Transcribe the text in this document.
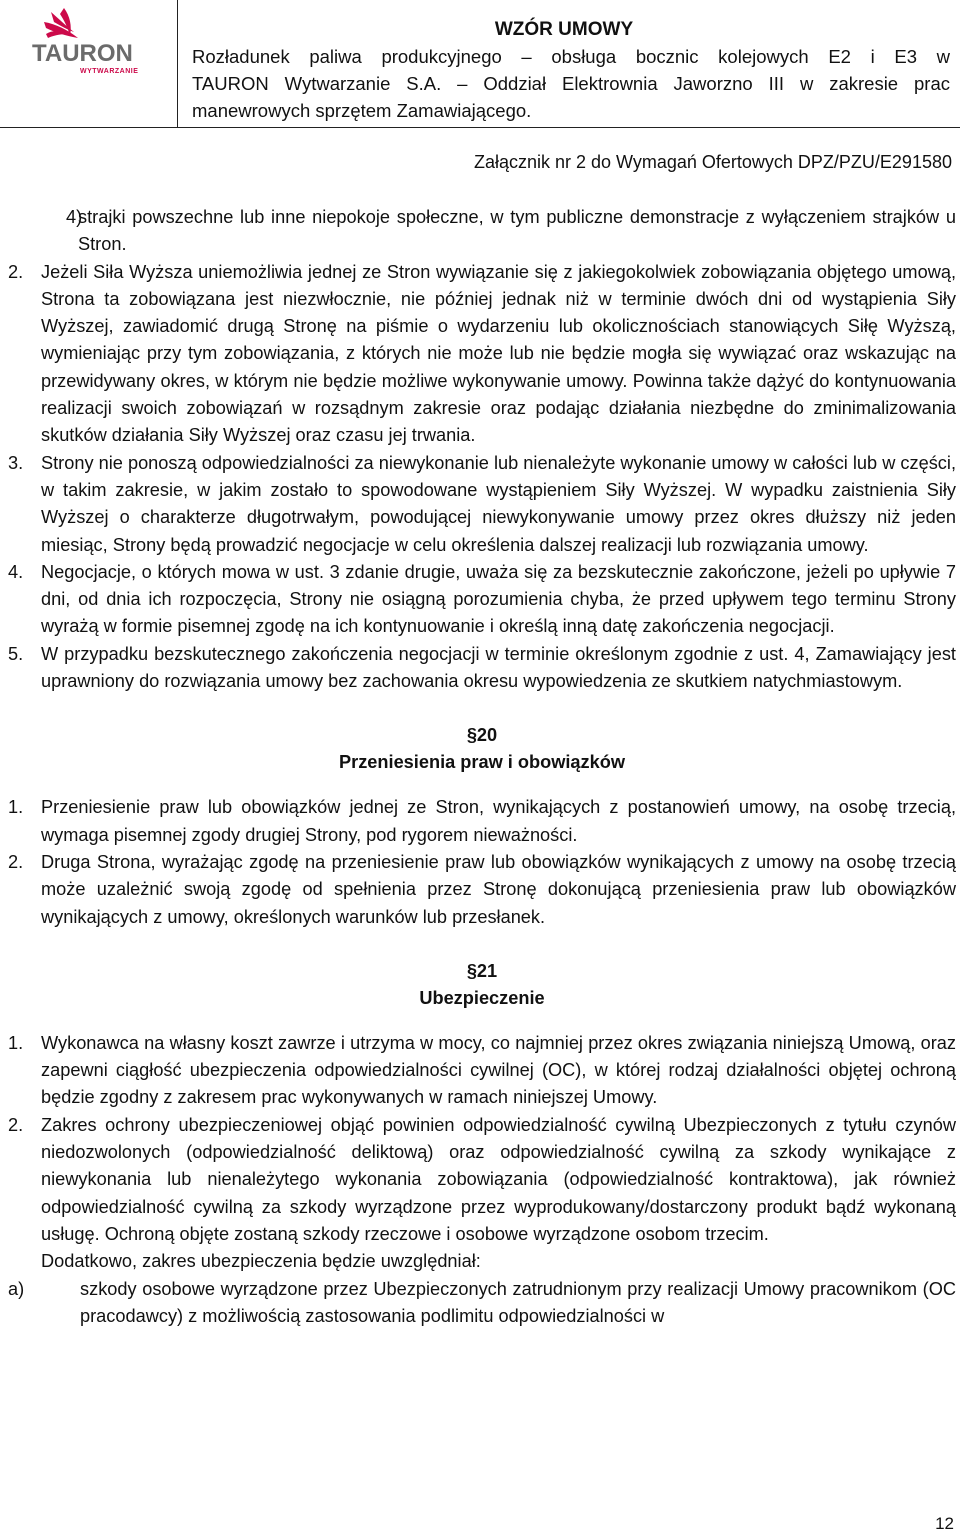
TAURON
WYTWARZANIE
WZÓR UMOWY
Rozładunek paliwa produkcyjnego – obsługa bocznic kolejowych E2 i E3 w
TAURON Wytwarzanie S.A. – Oddział Elektrownia Jaworzno III w zakresie prac
manewrowych sprzętem Zamawiającego.
Załącznik nr 2 do Wymagań Ofertowych DPZ/PZU/E291580
4)
strajki powszechne lub inne niepokoje społeczne, w tym publiczne demonstracje z wyłączeniem strajków u Stron.
2. Jeżeli Siła Wyższa uniemożliwia jednej ze Stron wywiązanie się z jakiegokolwiek zobowiązania objętego umową, Strona ta zobowiązana jest niezwłocznie, nie później jednak niż w terminie dwóch dni od wystąpienia Siły Wyższej, zawiadomić drugą Stronę na piśmie o wydarzeniu lub okolicznościach stanowiących Siłę Wyższą, wymieniając przy tym zobowiązania, z których nie może lub nie będzie mogła się wywiązać oraz wskazując na przewidywany okres, w którym nie będzie możliwe wykonywanie umowy. Powinna także dążyć do kontynuowania realizacji swoich zobowiązań w rozsądnym zakresie oraz podając działania niezbędne do zminimalizowania skutków działania Siły Wyższej oraz czasu jej trwania.
3. Strony nie ponoszą odpowiedzialności za niewykonanie lub nienależyte wykonanie umowy w całości lub w części, w takim zakresie, w jakim zostało to spowodowane wystąpieniem Siły Wyższej. W wypadku zaistnienia Siły Wyższej o charakterze długotrwałym, powodującej niewykonywanie umowy przez okres dłuższy niż jeden miesiąc, Strony będą prowadzić negocjacje w celu określenia dalszej realizacji lub rozwiązania umowy.
4. Negocjacje, o których mowa w ust. 3 zdanie drugie, uważa się za bezskutecznie zakończone, jeżeli po upływie 7 dni, od dnia ich rozpoczęcia, Strony nie osiągną porozumienia chyba, że przed upływem tego terminu Strony wyrażą w formie pisemnej zgodę na ich kontynuowanie i określą inną datę zakończenia negocjacji.
5. W przypadku bezskutecznego zakończenia negocjacji w terminie określonym zgodnie z ust. 4, Zamawiający jest uprawniony do rozwiązania umowy bez zachowania okresu wypowiedzenia ze skutkiem natychmiastowym.
§20
Przeniesienia praw i obowiązków
1. Przeniesienie praw lub obowiązków jednej ze Stron, wynikających z postanowień umowy, na osobę trzecią, wymaga pisemnej zgody drugiej Strony, pod rygorem nieważności.
2. Druga Strona, wyrażając zgodę na przeniesienie praw lub obowiązków wynikających z umowy na osobę trzecią może uzależnić swoją zgodę od spełnienia przez Stronę dokonującą przeniesienia praw lub obowiązków wynikających z umowy, określonych warunków lub przesłanek.
§21
Ubezpieczenie
1. Wykonawca na własny koszt zawrze i utrzyma w mocy, co najmniej przez okres związania niniejszą Umową, oraz zapewni ciągłość ubezpieczenia odpowiedzialności cywilnej (OC), w której rodzaj działalności objętej ochroną będzie zgodny z zakresem prac wykonywanych w ramach niniejszej Umowy.
2. Zakres ochrony ubezpieczeniowej objąć powinien odpowiedzialność cywilną Ubezpieczonych z tytułu czynów niedozwolonych (odpowiedzialność deliktową) oraz odpowiedzialność cywilną za szkody wynikające z niewykonania lub nienależytego wykonania zobowiązania (odpowiedzialność kontraktowa), jak również odpowiedzialność cywilną za szkody wyrządzone przez wyprodukowany/dostarczony produkt bądź wykonaną usługę. Ochroną objęte zostaną szkody rzeczowe i osobowe wyrządzone osobom trzecim.
Dodatkowo, zakres ubezpieczenia będzie uwzględniał:
a)	szkody osobowe wyrządzone przez Ubezpieczonych zatrudnionym przy realizacji Umowy pracownikom (OC pracodawcy) z możliwością zastosowania podlimitu odpowiedzialności w
12
